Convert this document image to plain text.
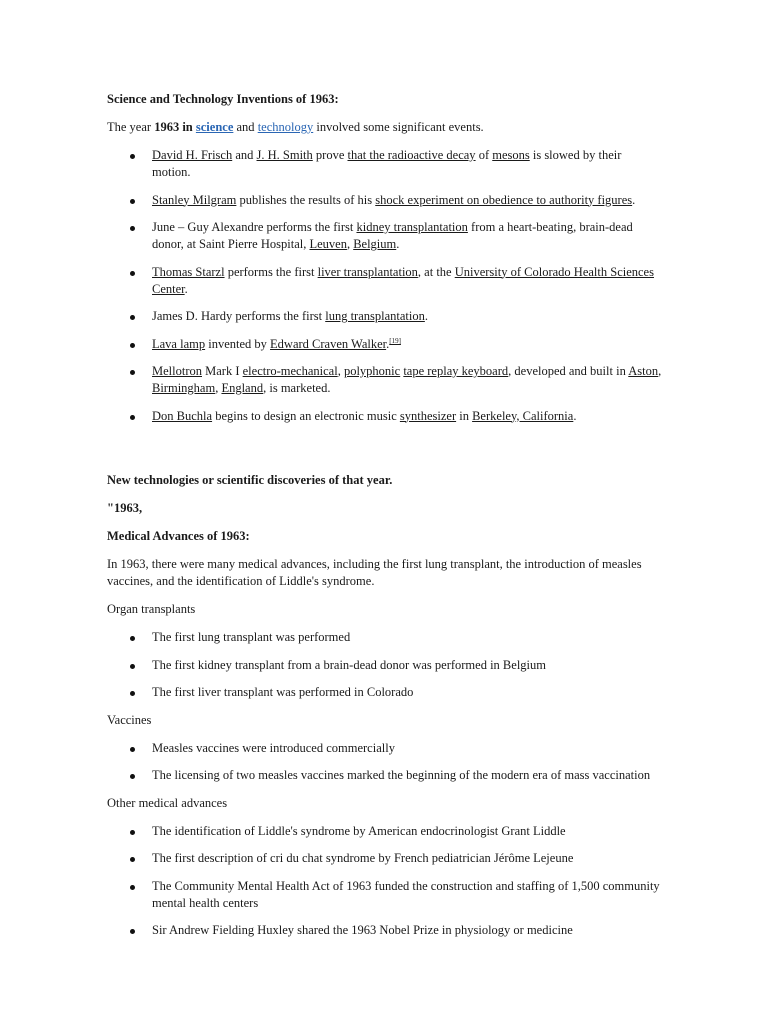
Science and Technology Inventions of 1963:

The year 1963 in science and technology involved some significant events.

David H. Frisch and J. H. Smith prove that the radioactive decay of mesons is slowed by their motion.
Stanley Milgram publishes the results of his shock experiment on obedience to authority figures.
June – Guy Alexandre performs the first kidney transplantation from a heart-beating, brain-dead donor, at Saint Pierre Hospital, Leuven, Belgium.
Thomas Starzl performs the first liver transplantation, at the University of Colorado Health Sciences Center.
James D. Hardy performs the first lung transplantation.
Lava lamp invented by Edward Craven Walker.[19]
Mellotron Mark I electro-mechanical, polyphonic tape replay keyboard, developed and built in Aston, Birmingham, England, is marketed.
Don Buchla begins to design an electronic music synthesizer in Berkeley, California.

New technologies or scientific discoveries of that year.

"1963,

Medical Advances of 1963:

In 1963, there were many medical advances, including the first lung transplant, the introduction of measles vaccines, and the identification of Liddle's syndrome.

Organ transplants

The first lung transplant was performed
The first kidney transplant from a brain-dead donor was performed in Belgium
The first liver transplant was performed in Colorado

Vaccines

Measles vaccines were introduced commercially
The licensing of two measles vaccines marked the beginning of the modern era of mass vaccination

Other medical advances

The identification of Liddle's syndrome by American endocrinologist Grant Liddle
The first description of cri du chat syndrome by French pediatrician Jérôme Lejeune
The Community Mental Health Act of 1963 funded the construction and staffing of 1,500 community mental health centers
Sir Andrew Fielding Huxley shared the 1963 Nobel Prize in physiology or medicine
